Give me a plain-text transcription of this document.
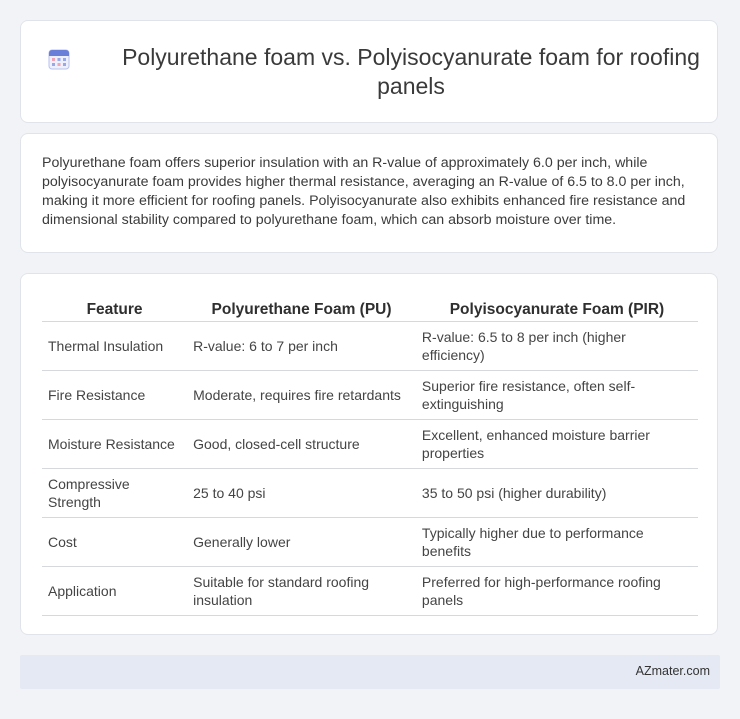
Polyurethane foam vs. Polyisocyanurate foam for roofing panels
Polyurethane foam offers superior insulation with an R-value of approximately 6.0 per inch, while polyisocyanurate foam provides higher thermal resistance, averaging an R-value of 6.5 to 8.0 per inch, making it more efficient for roofing panels. Polyisocyanurate also exhibits enhanced fire resistance and dimensional stability compared to polyurethane foam, which can absorb moisture over time.
Feature	Polyurethane Foam (PU)	Polyisocyanurate Foam (PIR)
Thermal Insulation	R-value: 6 to 7 per inch	R-value: 6.5 to 8 per inch (higher efficiency)
Fire Resistance	Moderate, requires fire retardants	Superior fire resistance, often self-extinguishing
Moisture Resistance	Good, closed-cell structure	Excellent, enhanced moisture barrier properties
Compressive Strength	25 to 40 psi	35 to 50 psi (higher durability)
Cost	Generally lower	Typically higher due to performance benefits
Application	Suitable for standard roofing insulation	Preferred for high-performance roofing panels
AZmater.com
